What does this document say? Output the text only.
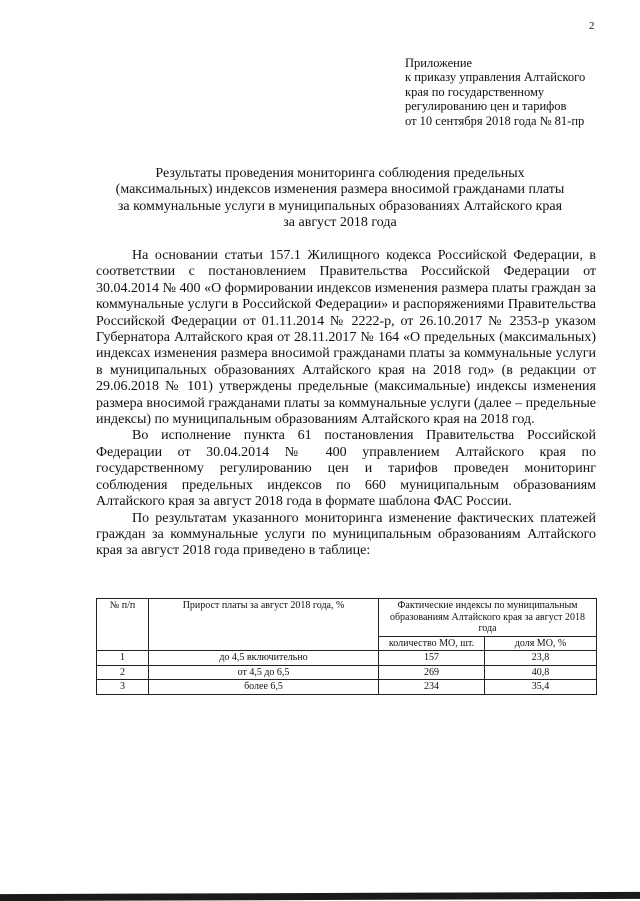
2
Приложение
к приказу управления Алтайского
края по государственному
регулированию цен и тарифов
от 10 сентября 2018 года № 81-пр
Результаты проведения мониторинга соблюдения предельных
(максимальных) индексов изменения размера вносимой гражданами платы
за коммунальные услуги в муниципальных образованиях Алтайского края
за август 2018 года

На основании статьи 157.1 Жилищного кодекса Российской Федерации, в соответствии с постановлением Правительства Российской Федерации от 30.04.2014 № 400 «О формировании индексов изменения размера платы граждан за коммунальные услуги в Российской Федерации» и распоряжениями Правительства Российской Федерации от 01.11.2014 № 2222-р, от 26.10.2017 № 2353-р указом Губернатора Алтайского края от 28.11.2017 № 164 «О предельных (максимальных) индексах изменения размера вносимой гражданами платы за коммунальные услуги в муниципальных образованиях Алтайского края на 2018 год» (в редакции от 29.06.2018 № 101) утверждены предельные (максимальные) индексы изменения размера вносимой гражданами платы за коммунальные услуги (далее – предельные индексы) по муниципальным образованиям Алтайского края на 2018 год.

Во исполнение пункта 61 постановления Правительства Российской Федерации от 30.04.2014 № 400 управлением Алтайского края по государственному регулированию цен и тарифов проведен мониторинг соблюдения предельных индексов по 660 муниципальным образованиям Алтайского края за август 2018 года в формате шаблона ФАС России.

По результатам указанного мониторинга изменение фактических платежей граждан за коммунальные услуги по муниципальным образованиям Алтайского края за август 2018 года приведено в таблице:

№ п/п	Прирост платы за август 2018 года, %	Фактические индексы по муниципальным образованиям Алтайского края за август 2018 года	
		количество МО, шт.	доля МО, %
1	до 4,5 включительно	157	23,8
2	от 4,5 до 6,5	269	40,8
3	более 6,5	234	35,4
